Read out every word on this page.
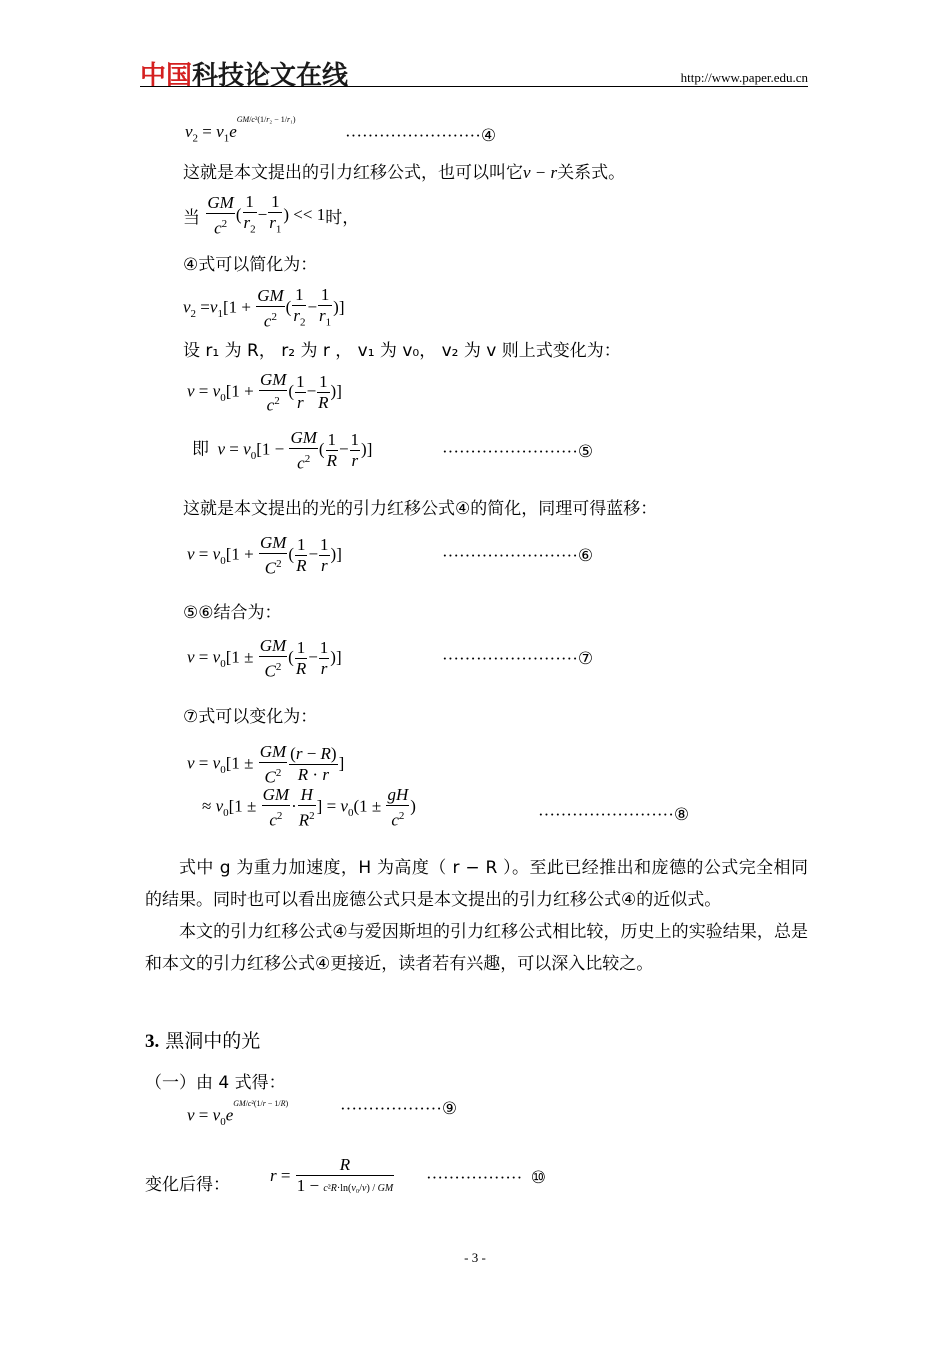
中国科技论文在线	http://www.paper.edu.cn
$v_2 = v_1e^{GM/c^2(1/r_2 - 1/r_1)}$
························④
这就是本文提出的引力红移公式，也可以叫它v − r关系式。
当 $\frac{GM}{c^2}$ ( $\frac{1}{r_2} - \frac{1}{r_1}$ ) << 1时，
④式可以简化为：
$v_2 =v_1[1 + \frac{GM}{c^2}$ ( $\frac{1}{r_2} - \frac{1}{r_1}$ )]
设 r₁ 为 R， r₂ 为 r ， v₁ 为 v₀， v₂ 为 v 则上式变化为：
$v = v_0[1 + \frac{GM}{c^2}$ ( $\frac{1}{r} - \frac{1}{R}$ )]
即 $v = v_0[1 - \frac{GM}{c^2}$ ( $\frac{1}{R} - \frac{1}{r}$ )]	························⑤
这就是本文提出的光的引力红移公式④的简化，同理可得蓝移：
$v = v_0[1 + \frac{GM}{C^2}$ ( $\frac{1}{R} - \frac{1}{r}$ )]	························⑥
⑤⑥结合为：
$v = v_0[1 \pm \frac{GM}{C^2}$ ( $\frac{1}{R} - \frac{1}{r}$ )]	························⑦
⑦式可以变化为：
$v = v_0[1 \pm \frac{GM}{C^2} \frac{(r - R)}{R \cdot r}$ ]
≈ $v_0[1 \pm \frac{GM}{c^2} \cdot \frac{H}{R^2}$ ] = $v_0(1 \pm \frac{gH}{c^2}$ )	························⑧

式中 g 为重力加速度，H 为高度（ r − R ）。至此已经推出和庞德的公式完全相同的结果。同时也可以看出庞德公式只是本文提出的引力红移公式④的近似式。

本文的引力红移公式④与爱因斯坦的引力红移公式相比较，历史上的实验结果，总是和本文的引力红移公式④更接近，读者若有兴趣，可以深入比较之。

3. 黑洞中的光
（一）由 4 式得：
$v = v_0e^{GM/c^2(1/r - 1/R)}$	··················⑨
变化后得： $r = \frac{R}{\text{1 − c²R·ln(v₀/v) / GM}}$ ·················  ⑩
- 3 -
